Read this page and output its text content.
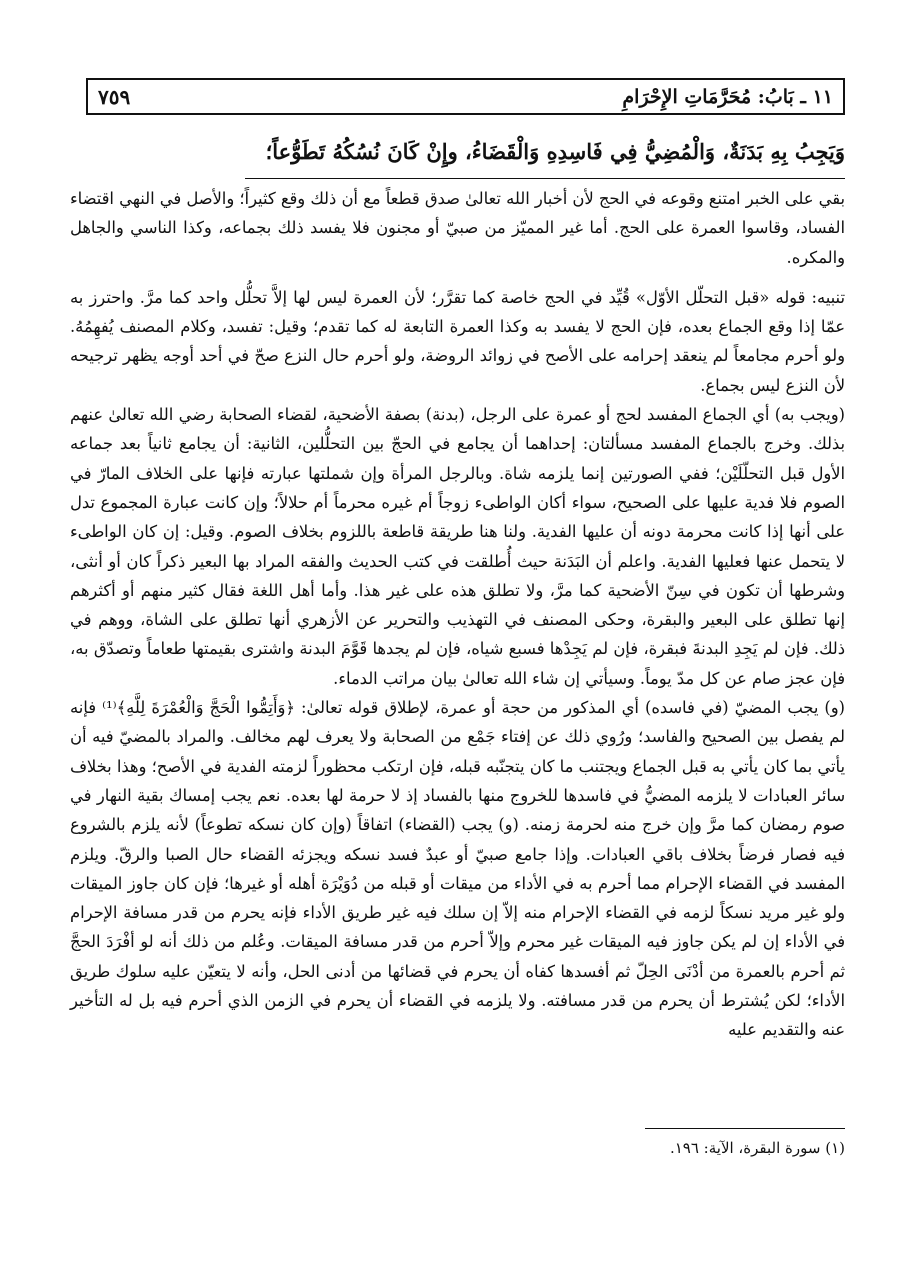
١١ ـ بَابُ: مُحَرَّمَاتِ الإِحْرَامِ
٧٥٩
وَيَجِبُ بِهِ بَدَنَةٌ، وَالْمُضِيُّ فِي فَاسِدِهِ وَالْقَضَاءُ، وإِنْ كَانَ نُسُكُهُ تَطَوُّعاً؛

بقي على الخبر امتنع وقوعه في الحج لأن أخبار الله تعالىٰ صدق قطعاً مع أن ذلك وقع كثيراً؛ والأصل في النهي اقتضاء الفساد، وقاسوا العمرة على الحج. أما غير المميّز من صبيّ أو مجنون فلا يفسد ذلك بجماعه، وكذا الناسي والجاهل والمكره.

تنبيه: قوله «قبل التحلّل الأوّل» قُيِّد في الحج خاصة كما تقرَّر؛ لأن العمرة ليس لها إلاَّ تحلُّل واحد كما مرَّ. واحترز به عمّا إذا وقع الجماع بعده، فإن الحج لا يفسد به وكذا العمرة التابعة له كما تقدم؛ وقيل: تفسد، وكلام المصنف يُفهِمُهُ. ولو أحرم مجامعاً لم ينعقد إحرامه على الأصح في زوائد الروضة، ولو أحرم حال النزع صحّ في أحد أوجه يظهر ترجيحه لأن النزع ليس بجماع.

(ويجب به) أي الجماع المفسد لحج أو عمرة على الرجل، (بدنة) بصفة الأضحية، لقضاء الصحابة رضي الله تعالىٰ عنهم بذلك. وخرج بالجماع المفسد مسألتان: إحداهما أن يجامع في الحجّ بين التحلُّلين، الثانية: أن يجامع ثانياً بعد جماعه الأول قبل التحلّلَيْن؛ ففي الصورتين إنما يلزمه شاة. وبالرجل المرأة وإن شملتها عبارته فإنها على الخلاف المارّ في الصوم فلا فدية عليها على الصحيح، سواء أكان الواطىء زوجاً أم غيره محرماً أم حلالاً؛ وإن كانت عبارة المجموع تدل على أنها إذا كانت محرمة دونه أن عليها الفدية. ولنا هنا طريقة قاطعة باللزوم بخلاف الصوم. وقيل: إن كان الواطىء لا يتحمل عنها فعليها الفدية. واعلم أن البَدَنة حيث أُطلقت في كتب الحديث والفقه المراد بها البعير ذكراً كان أو أنثى، وشرطها أن تكون في سِنّ الأضحية كما مرَّ، ولا تطلق هذه على غير هذا. وأما أهل اللغة فقال كثير منهم أو أكثرهم إنها تطلق على البعير والبقرة، وحكى المصنف في التهذيب والتحرير عن الأزهري أنها تطلق على الشاة، ووهم في ذلك. فإن لم يَجِدِ البدنةَ فبقرة، فإن لم يَجِدْها فسبع شياه، فإن لم يجدها قَوَّمَ البدنة واشترى بقيمتها طعاماً وتصدّق به، فإن عجز صام عن كل مدّ يوماً. وسيأتي إن شاء الله تعالىٰ بيان مراتب الدماء.

(و) يجب المضيّ (في فاسده) أي المذكور من حجة أو عمرة، لإطلاق قوله تعالىٰ: ﴿وَأَتِمُّوا الْحَجَّ وَالْعُمْرَةَ لِلَّهِ﴾⁽¹⁾ فإنه لم يفصل بين الصحيح والفاسد؛ ورُوي ذلك عن إفتاء جَمْع من الصحابة ولا يعرف لهم مخالف. والمراد بالمضيّ فيه أن يأتي بما كان يأتي به قبل الجماع ويجتنب ما كان يتجنّبه قبله، فإن ارتكب محظوراً لزمته الفدية في الأصح؛ وهذا بخلاف سائر العبادات لا يلزمه المضيُّ في فاسدها للخروج منها بالفساد إذ لا حرمة لها بعده. نعم يجب إمساك بقية النهار في صوم رمضان كما مرَّ وإن خرج منه لحرمة زمنه. (و) يجب (القضاء) اتفاقاً (وإن كان نسكه تطوعاً) لأنه يلزم بالشروع فيه فصار فرضاً بخلاف باقي العبادات. وإذا جامع صبيّ أو عبدٌ فسد نسكه ويجزئه القضاء حال الصبا والرقّ. ويلزم المفسد في القضاء الإحرام مما أحرم به في الأداء من ميقات أو قبله من دُوَيْرَة أهله أو غيرها؛ فإن كان جاوز الميقات ولو غير مريد نسكاً لزمه في القضاء الإحرام منه إلاّ إن سلك فيه غير طريق الأداء فإنه يحرم من قدر مسافة الإحرام في الأداء إن لم يكن جاوز فيه الميقات غير محرم وإلاّ أحرم من قدر مسافة الميقات. وعُلم من ذلك أنه لو أفْرَدَ الحجَّ ثم أحرم بالعمرة من أدْنَى الحِلّ ثم أفسدها كفاه أن يحرم في قضائها من أدنى الحل، وأنه لا يتعيّن عليه سلوك طريق الأداء؛ لكن يُشترط أن يحرم من قدر مسافته. ولا يلزمه في القضاء أن يحرم في الزمن الذي أحرم فيه بل له التأخير عنه والتقديم عليه

(١) سورة البقرة، الآية: ١٩٦.
